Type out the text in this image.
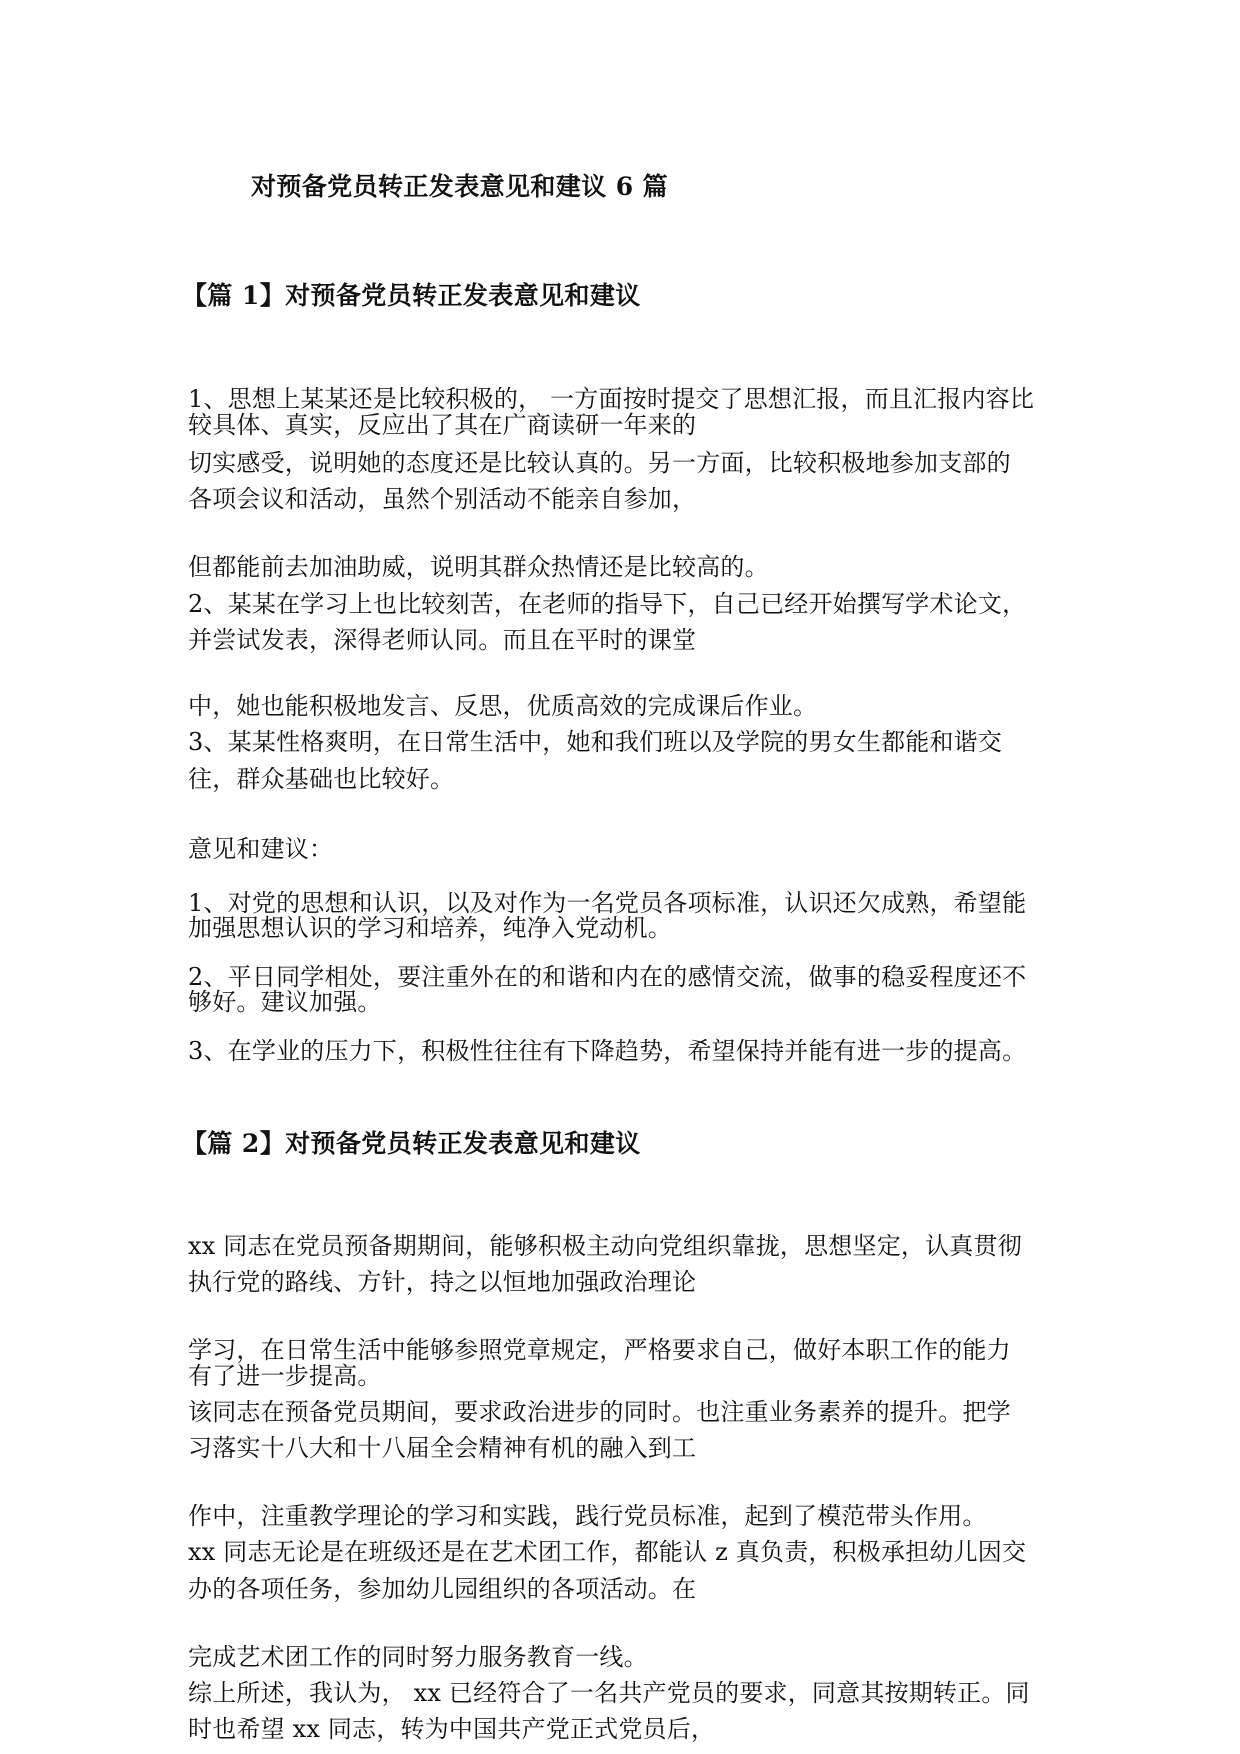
对预备党员转正发表意见和建议 6 篇
【篇 1】对预备党员转正发表意见和建议
1、思想上某某还是比较积极的， 一方面按时提交了思想汇报，而且汇报内容比
较具体、真实，反应出了其在广商读研一年来的
切实感受，说明她的态度还是比较认真的。另一方面，比较积极地参加支部的
各项会议和活动，虽然个别活动不能亲自参加，
但都能前去加油助威，说明其群众热情还是比较高的。
2、某某在学习上也比较刻苦，在老师的指导下，自己已经开始撰写学术论文，
并尝试发表，深得老师认同。而且在平时的课堂
中，她也能积极地发言、反思，优质高效的完成课后作业。
3、某某性格爽明，在日常生活中，她和我们班以及学院的男女生都能和谐交
往，群众基础也比较好。
意见和建议：
1、对党的思想和认识，以及对作为一名党员各项标准，认识还欠成熟，希望能
加强思想认识的学习和培养，纯净入党动机。
2、平日同学相处，要注重外在的和谐和内在的感情交流，做事的稳妥程度还不
够好。建议加强。
3、在学业的压力下，积极性往往有下降趋势，希望保持并能有进一步的提高。
【篇 2】对预备党员转正发表意见和建议
xx 同志在党员预备期期间，能够积极主动向党组织靠拢，思想坚定，认真贯彻
执行党的路线、方针，持之以恒地加强政治理论
学习，在日常生活中能够参照党章规定，严格要求自己，做好本职工作的能力
有了进一步提高。
该同志在预备党员期间，要求政治进步的同时。也注重业务素养的提升。把学
习落实十八大和十八届全会精神有机的融入到工
作中，注重教学理论的学习和实践，践行党员标准，起到了模范带头作用。
xx 同志无论是在班级还是在艺术团工作，都能认 z 真负责，积极承担幼儿因交
办的各项任务，参加幼儿园组织的各项活动。在
完成艺术团工作的同时努力服务教育一线。
综上所述，我认为， xx 已经符合了一名共产党员的要求，同意其按期转正。同
时也希望 xx 同志，转为中国共产党正式党员后，
